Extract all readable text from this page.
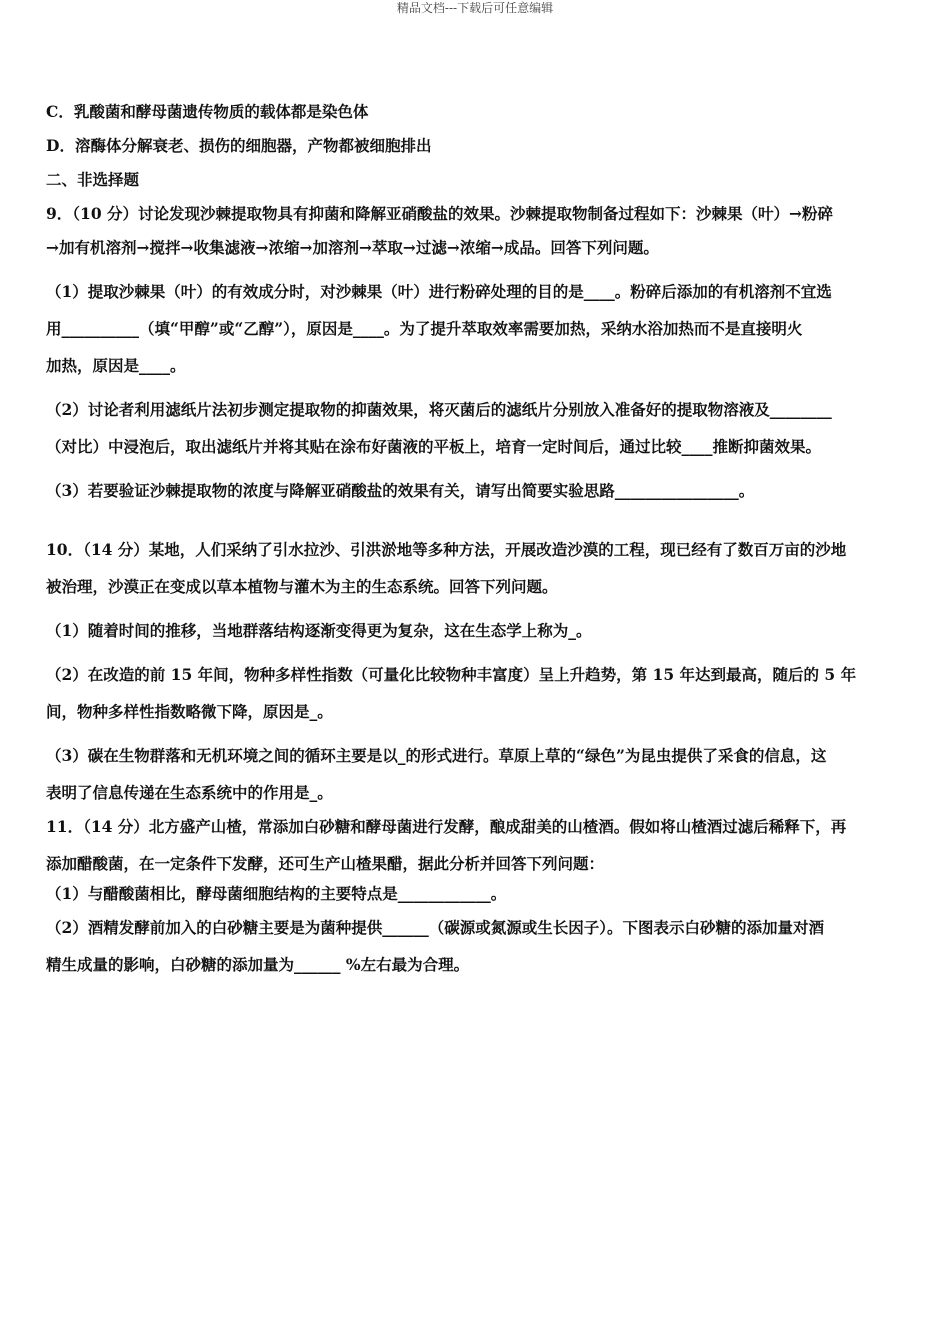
精品文档---下载后可任意编辑
C．乳酸菌和酵母菌遗传物质的载体都是染色体
D．溶酶体分解衰老、损伤的细胞器，产物都被细胞排出
二、非选择题
9．（10 分）讨论发现沙棘提取物具有抑菌和降解亚硝酸盐的效果。沙棘提取物制备过程如下：沙棘果（叶）→粉碎
→加有机溶剂→搅拌→收集滤液→浓缩→加溶剂→萃取→过滤→浓缩→成品。回答下列问题。
（1）提取沙棘果（叶）的有效成分时，对沙棘果（叶）进行粉碎处理的目的是____。粉碎后添加的有机溶剂不宜选
用__________（填“甲醇”或“乙醇”），原因是____。为了提升萃取效率需要加热，采纳水浴加热而不是直接明火
加热，原因是____。
（2）讨论者利用滤纸片法初步测定提取物的抑菌效果，将灭菌后的滤纸片分别放入准备好的提取物溶液及________
（对比）中浸泡后，取出滤纸片并将其贴在涂布好菌液的平板上，培育一定时间后，通过比较____推断抑菌效果。
（3）若要验证沙棘提取物的浓度与降解亚硝酸盐的效果有关，请写出简要实验思路________________。
10．（14 分）某地，人们采纳了引水拉沙、引洪淤地等多种方法，开展改造沙漠的工程，现已经有了数百万亩的沙地
被治理，沙漠正在变成以草本植物与灌木为主的生态系统。回答下列问题。
（1）随着时间的推移，当地群落结构逐渐变得更为复杂，这在生态学上称为_。
（2）在改造的前 15 年间，物种多样性指数（可量化比较物种丰富度）呈上升趋势，第 15 年达到最高，随后的 5 年
间，物种多样性指数略微下降，原因是_。
（3）碳在生物群落和无机环境之间的循环主要是以_的形式进行。草原上草的“绿色”为昆虫提供了采食的信息，这
表明了信息传递在生态系统中的作用是_。
11．（14 分）北方盛产山楂，常添加白砂糖和酵母菌进行发酵，酿成甜美的山楂酒。假如将山楂酒过滤后稀释下，再
添加醋酸菌，在一定条件下发酵，还可生产山楂果醋，据此分析并回答下列问题：
（1）与醋酸菌相比，酵母菌细胞结构的主要特点是____________。
（2）酒精发酵前加入的白砂糖主要是为菌种提供______（碳源或氮源或生长因子）。下图表示白砂糖的添加量对酒
精生成量的影响，白砂糖的添加量为______ %左右最为合理。
